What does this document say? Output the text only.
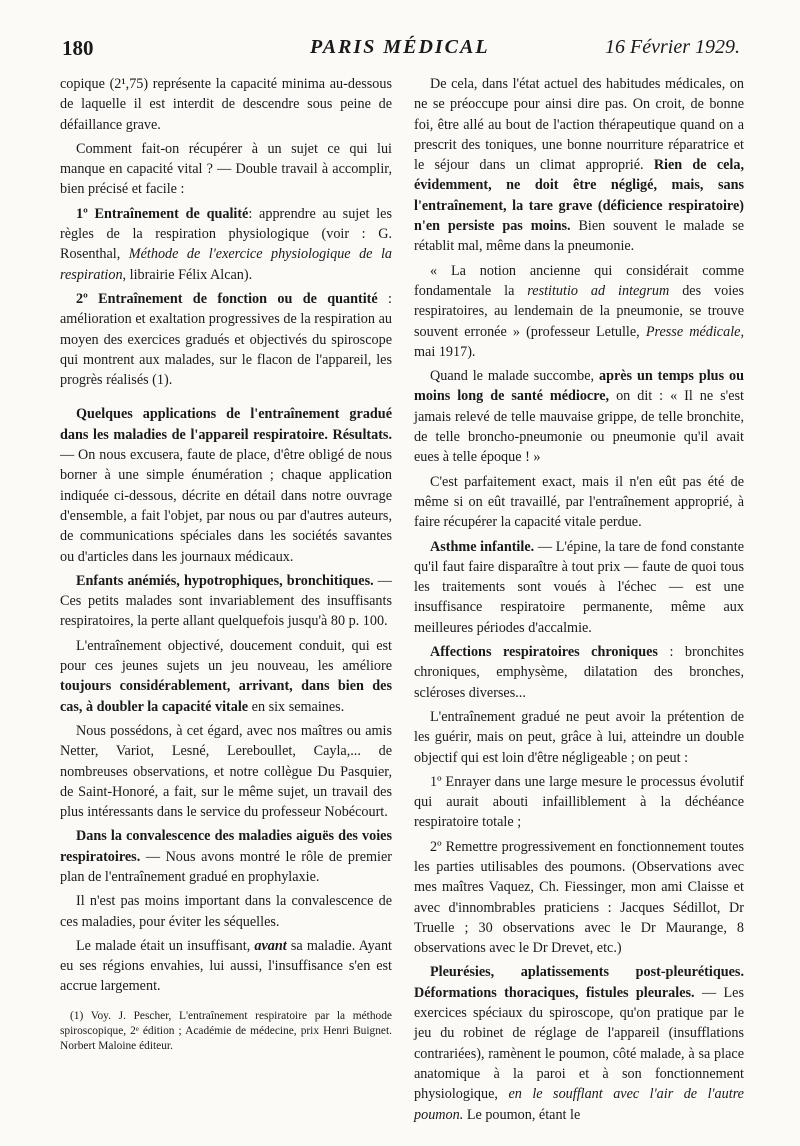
180	PARIS MÉDICAL	16 Février 1929.

copique (2¹,75) représente la capacité minima au-dessous de laquelle il est interdit de descendre sous peine de défaillance grave.

Comment fait-on récupérer à un sujet ce qui lui manque en capacité vital ? — Double travail à accomplir, bien précisé et facile :

1º Entraînement de qualité: apprendre au sujet les règles de la respiration physiologique (voir : G. Rosenthal, Méthode de l'exercice physiologique de la respiration, librairie Félix Alcan).

2º Entraînement de fonction ou de quantité : amélioration et exaltation progressives de la respiration au moyen des exercices gradués et objectivés du spiroscope qui montrent aux malades, sur le flacon de l'appareil, les progrès réalisés (1).

Quelques applications de l'entraînement gradué dans les maladies de l'appareil respiratoire. Résultats. — On nous excusera, faute de place, d'être obligé de nous borner à une simple énumération ; chaque application indiquée ci-dessous, décrite en détail dans notre ouvrage d'ensemble, a fait l'objet, par nous ou par d'autres auteurs, de communications spéciales dans les sociétés savantes ou d'articles dans les journaux médicaux.

Enfants anémiés, hypotrophiques, bronchitiques. — Ces petits malades sont invariablement des insuffisants respiratoires, la perte allant quelquefois jusqu'à 80 p. 100.

L'entraînement objectivé, doucement conduit, qui est pour ces jeunes sujets un jeu nouveau, les améliore toujours considérablement, arrivant, dans bien des cas, à doubler la capacité vitale en six semaines.

Nous possédons, à cet égard, avec nos maîtres ou amis Netter, Variot, Lesné, Lereboullet, Cayla,... de nombreuses observations, et notre collègue Du Pasquier, de Saint-Honoré, a fait, sur le même sujet, un travail des plus intéressants dans le service du professeur Nobécourt.

Dans la convalescence des maladies aiguës des voies respiratoires. — Nous avons montré le rôle de premier plan de l'entraînement gradué en prophylaxie.

Il n'est pas moins important dans la convalescence de ces maladies, pour éviter les séquelles.

Le malade était un insuffisant, avant sa maladie. Ayant eu ses régions envahies, lui aussi, l'insuffisance s'en est accrue largement.

(1) Voy. J. Pescher, L'entraînement respiratoire par la méthode spiroscopique, 2ᵉ édition ; Académie de médecine, prix Henri Buignet. Norbert Maloine éditeur.

De cela, dans l'état actuel des habitudes médicales, on ne se préoccupe pour ainsi dire pas. On croit, de bonne foi, être allé au bout de l'action thérapeutique quand on a prescrit des toniques, une bonne nourriture réparatrice et le séjour dans un climat approprié. Rien de cela, évidemment, ne doit être négligé, mais, sans l'entraînement, la tare grave (déficience respiratoire) n'en persiste pas moins. Bien souvent le malade se rétablit mal, même dans la pneumonie.

« La notion ancienne qui considérait comme fondamentale la restitutio ad integrum des voies respiratoires, au lendemain de la pneumonie, se trouve souvent erronée » (professeur Letulle, Presse médicale, mai 1917).

Quand le malade succombe, après un temps plus ou moins long de santé médiocre, on dit : « Il ne s'est jamais relevé de telle mauvaise grippe, de telle bronchite, de telle broncho-pneumonie ou pneumonie qu'il avait eues à telle époque ! »

C'est parfaitement exact, mais il n'en eût pas été de même si on eût travaillé, par l'entraînement approprié, à faire récupérer la capacité vitale perdue.

Asthme infantile. — L'épine, la tare de fond constante qu'il faut faire disparaître à tout prix — faute de quoi tous les traitements sont voués à l'échec — est une insuffisance respiratoire permanente, même aux meilleures périodes d'accalmie.

Affections respiratoires chroniques : bronchites chroniques, emphysème, dilatation des bronches, scléroses diverses...

L'entraînement gradué ne peut avoir la prétention de les guérir, mais on peut, grâce à lui, atteindre un double objectif qui est loin d'être négligeable ; on peut :

1º Enrayer dans une large mesure le processus évolutif qui aurait abouti infailliblement à la déchéance respiratoire totale ;

2º Remettre progressivement en fonctionnement toutes les parties utilisables des poumons. (Observations avec mes maîtres Vaquez, Ch. Fiessinger, mon ami Claisse et avec d'innombrables praticiens : Jacques Sédillot, Dr Truelle ; 30 observations avec le Dr Maurange, 8 observations avec le Dr Drevet, etc.)

Pleurésies, aplatissements post-pleurétiques. Déformations thoraciques, fistules pleurales. — Les exercices spéciaux du spiroscope, qu'on pratique par le jeu du robinet de réglage de l'appareil (insufflations contrariées), ramènent le poumon, côté malade, à sa place anatomique à la paroi et à son fonctionnement physiologique, en le soufflant avec l'air de l'autre poumon. Le poumon, étant le
